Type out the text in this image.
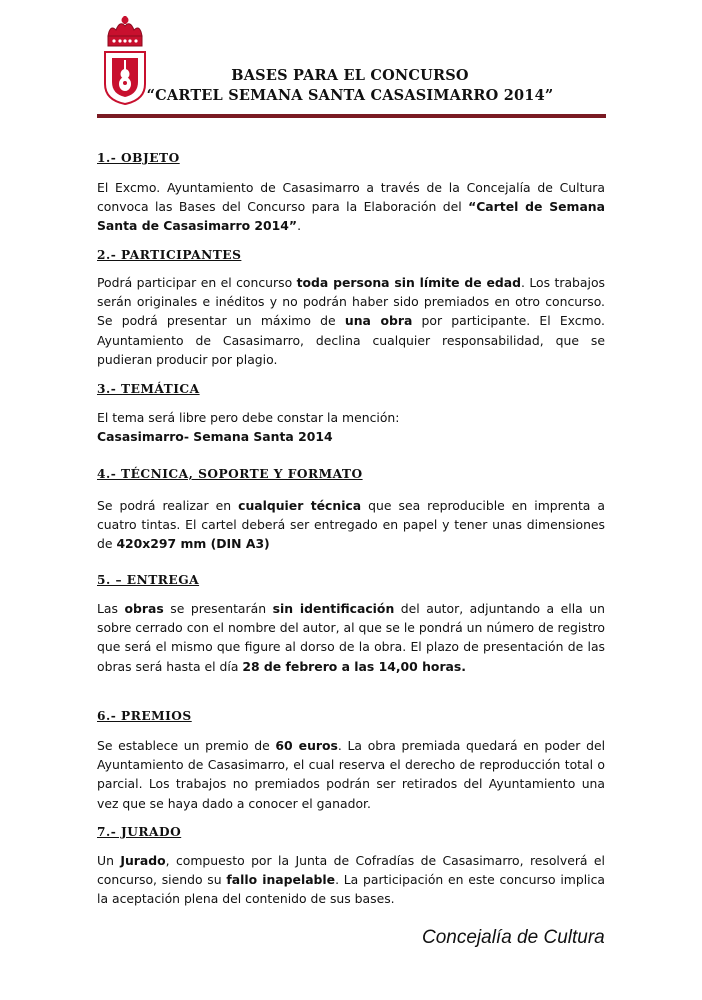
BASES PARA EL CONCURSO
“CARTEL SEMANA SANTA CASASIMARRO 2014”

1.- OBJETO

El Excmo. Ayuntamiento de Casasimarro a través de la Concejalía de Cultura convoca las Bases del Concurso para la Elaboración del “Cartel de Semana Santa de Casasimarro 2014”.

2.- PARTICIPANTES

Podrá participar en el concurso toda persona sin límite de edad. Los trabajos serán originales e inéditos y no podrán haber sido premiados en otro concurso. Se podrá presentar un máximo de una obra por participante. El Excmo. Ayuntamiento de Casasimarro, declina cualquier responsabilidad, que se pudieran producir por plagio.

3.- TEMÁTICA

El tema será libre pero debe constar la mención:
Casasimarro- Semana Santa 2014

4.- TÉCNICA, SOPORTE Y FORMATO

Se podrá realizar en cualquier técnica que sea reproducible en imprenta a cuatro tintas. El cartel deberá ser entregado en papel y tener unas dimensiones de 420x297 mm (DIN A3)

5. – ENTREGA

Las obras se presentarán sin identificación del autor, adjuntando a ella un sobre cerrado con el nombre del autor, al que se le pondrá un número de registro que será el mismo que figure al dorso de la obra. El plazo de presentación de las obras será hasta el día 28 de febrero a las 14,00 horas.

6.- PREMIOS

Se establece un premio de 60 euros. La obra premiada quedará en poder del Ayuntamiento de Casasimarro, el cual reserva el derecho de reproducción total o parcial. Los trabajos no premiados podrán ser retirados del Ayuntamiento una vez que se haya dado a conocer el ganador.

7.- JURADO

Un Jurado, compuesto por la Junta de Cofradías de Casasimarro, resolverá el concurso, siendo su fallo inapelable. La participación en este concurso implica la aceptación plena del contenido de sus bases.

Concejalía de Cultura
